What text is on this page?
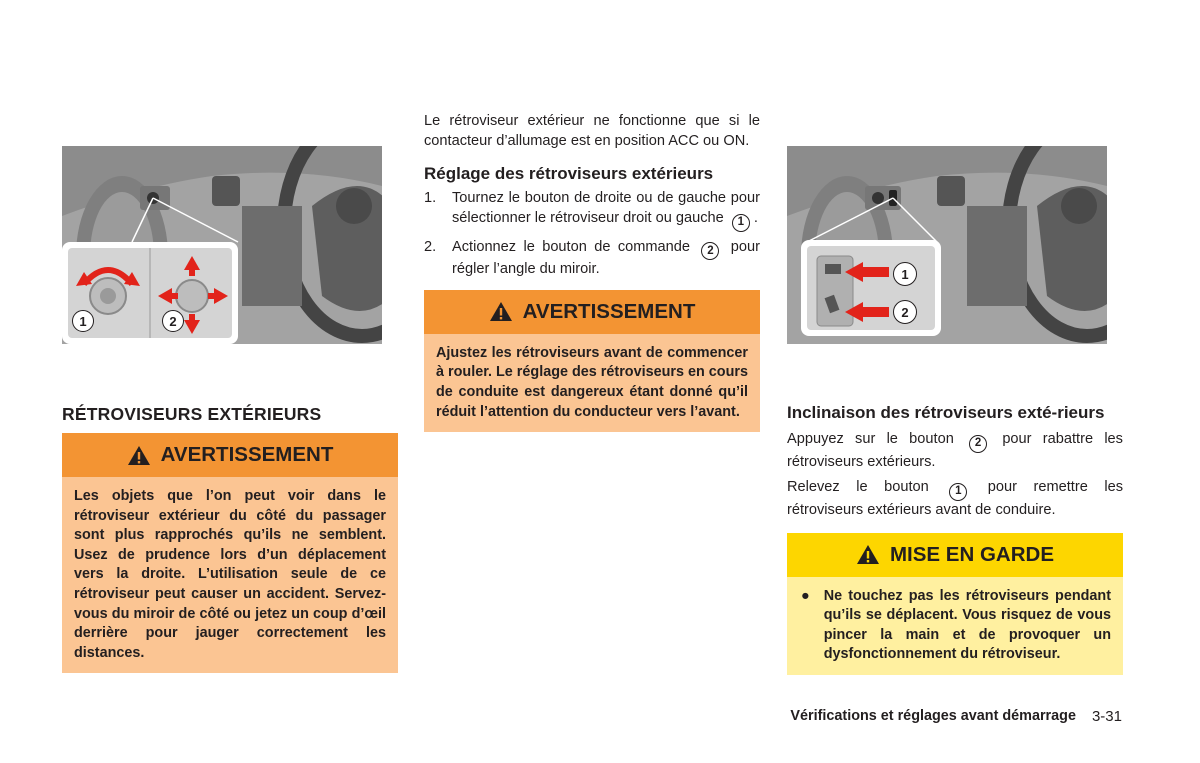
1	2
RÉTROVISEURS EXTÉRIEURS
AVERTISSEMENT
Les objets que l’on peut voir dans le rétroviseur extérieur du côté du passager sont plus rapprochés qu’ils ne semblent. Usez de prudence lors d’un déplacement vers la droite. L’utilisation seule de ce rétroviseur peut causer un accident. Servez-vous du miroir de côté ou jetez un coup d’œil derrière pour jauger correctement les distances.

Le rétroviseur extérieur ne fonctionne que si le contacteur d’allumage est en position ACC ou ON.

Réglage des rétroviseurs extérieurs
1. Tournez le bouton de droite ou de gauche pour sélectionner le rétroviseur droit ou gauche 1 .
2. Actionnez le bouton de commande 2 pour régler l’angle du miroir.
AVERTISSEMENT
Ajustez les rétroviseurs avant de commencer à rouler. Le réglage des rétroviseurs en cours de conduite est dangereux étant donné qu’il réduit l’attention du conducteur vers l’avant.
1
2
Inclinaison des rétroviseurs exté-rieurs

Appuyez sur le bouton 2 pour rabattre les rétroviseurs extérieurs.

Relevez le bouton 1 pour remettre les rétroviseurs extérieurs avant de conduire.

MISE EN GARDE
● Ne touchez pas les rétroviseurs pendant qu’ils se déplacent. Vous risquez de vous pincer la main et de provoquer un dysfonctionnement du rétroviseur.
Vérifications et réglages avant démarrage 3-31
